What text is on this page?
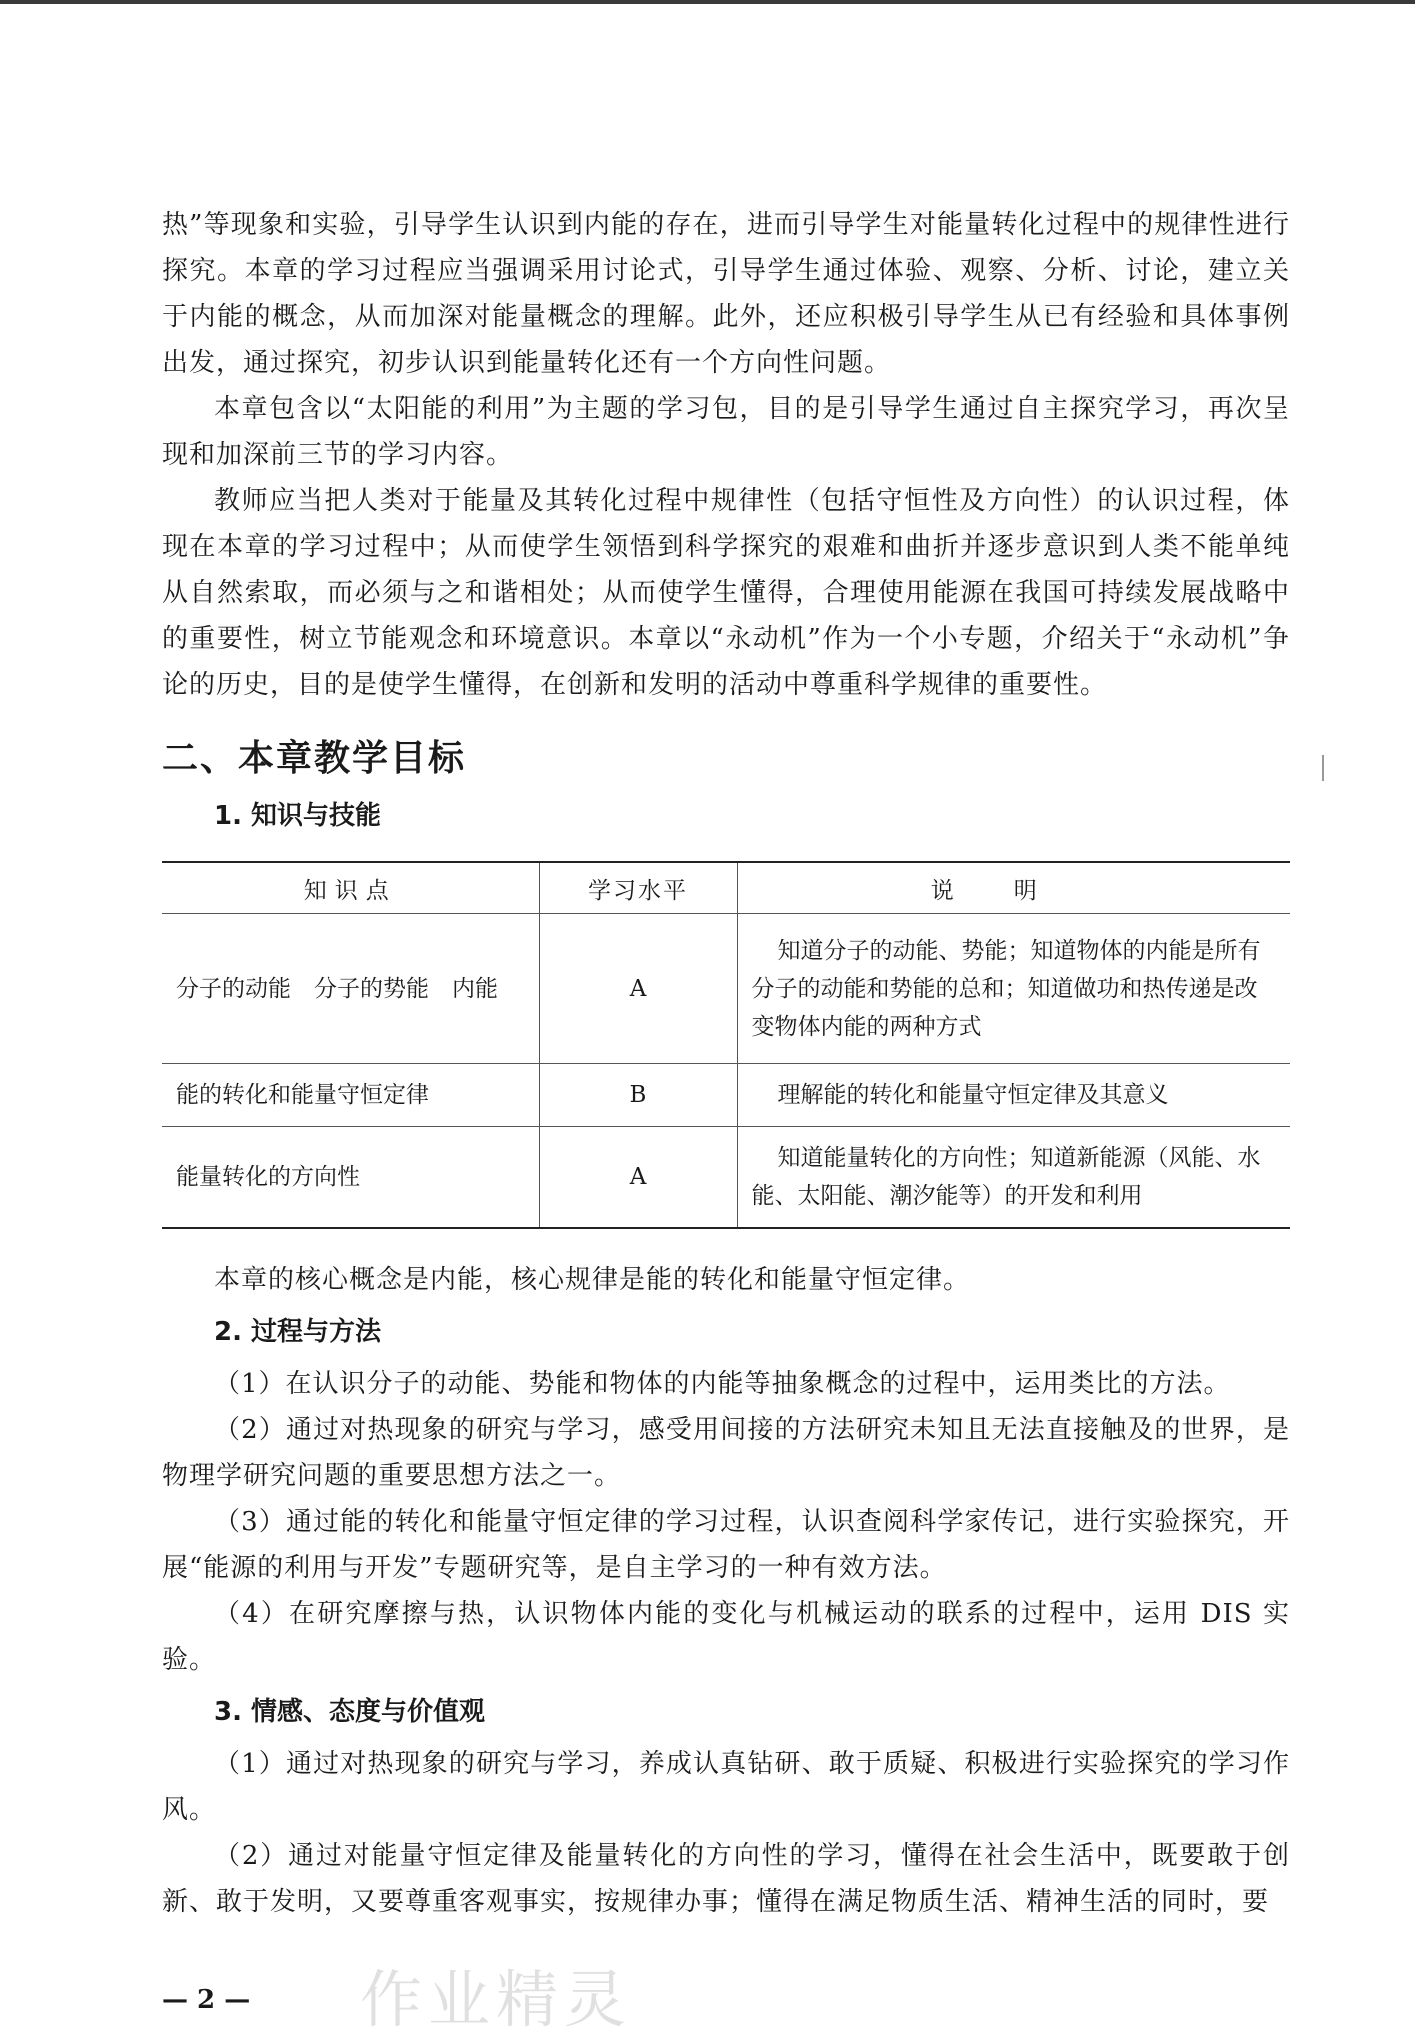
热”等现象和实验，引导学生认识到内能的存在，进而引导学生对能量转化过程中的规律性进行探究。本章的学习过程应当强调采用讨论式，引导学生通过体验、观察、分析、讨论，建立关于内能的概念，从而加深对能量概念的理解。此外，还应积极引导学生从已有经验和具体事例出发，通过探究，初步认识到能量转化还有一个方向性问题。

本章包含以“太阳能的利用”为主题的学习包，目的是引导学生通过自主探究学习，再次呈现和加深前三节的学习内容。

教师应当把人类对于能量及其转化过程中规律性（包括守恒性及方向性）的认识过程，体现在本章的学习过程中；从而使学生领悟到科学探究的艰难和曲折并逐步意识到人类不能单纯从自然索取，而必须与之和谐相处；从而使学生懂得，合理使用能源在我国可持续发展战略中的重要性，树立节能观念和环境意识。本章以“永动机”作为一个小专题，介绍关于“永动机”争论的历史，目的是使学生懂得，在创新和发明的活动中尊重科学规律的重要性。

二、本章教学目标
1. 知识与技能
知识点	学习水平	说明
分子的动能　分子的势能　内能	A	知道分子的动能、势能；知道物体的内能是所有分子的动能和势能的总和；知道做功和热传递是改变物体内能的两种方式
能的转化和能量守恒定律	B	理解能的转化和能量守恒定律及其意义
能量转化的方向性	A	知道能量转化的方向性；知道新能源（风能、水能、太阳能、潮汐能等）的开发和利用

本章的核心概念是内能，核心规律是能的转化和能量守恒定律。

2. 过程与方法

（1）在认识分子的动能、势能和物体的内能等抽象概念的过程中，运用类比的方法。

（2）通过对热现象的研究与学习，感受用间接的方法研究未知且无法直接触及的世界，是物理学研究问题的重要思想方法之一。

（3）通过能的转化和能量守恒定律的学习过程，认识查阅科学家传记，进行实验探究，开展“能源的利用与开发”专题研究等，是自主学习的一种有效方法。

（4）在研究摩擦与热，认识物体内能的变化与机械运动的联系的过程中，运用 DIS 实验。

3. 情感、态度与价值观

（1）通过对热现象的研究与学习，养成认真钻研、敢于质疑、积极进行实验探究的学习作风。

（2）通过对能量守恒定律及能量转化的方向性的学习，懂得在社会生活中，既要敢于创新、敢于发明，又要尊重客观事实，按规律办事；懂得在满足物质生活、精神生活的同时，要

— 2 — 作业精灵
